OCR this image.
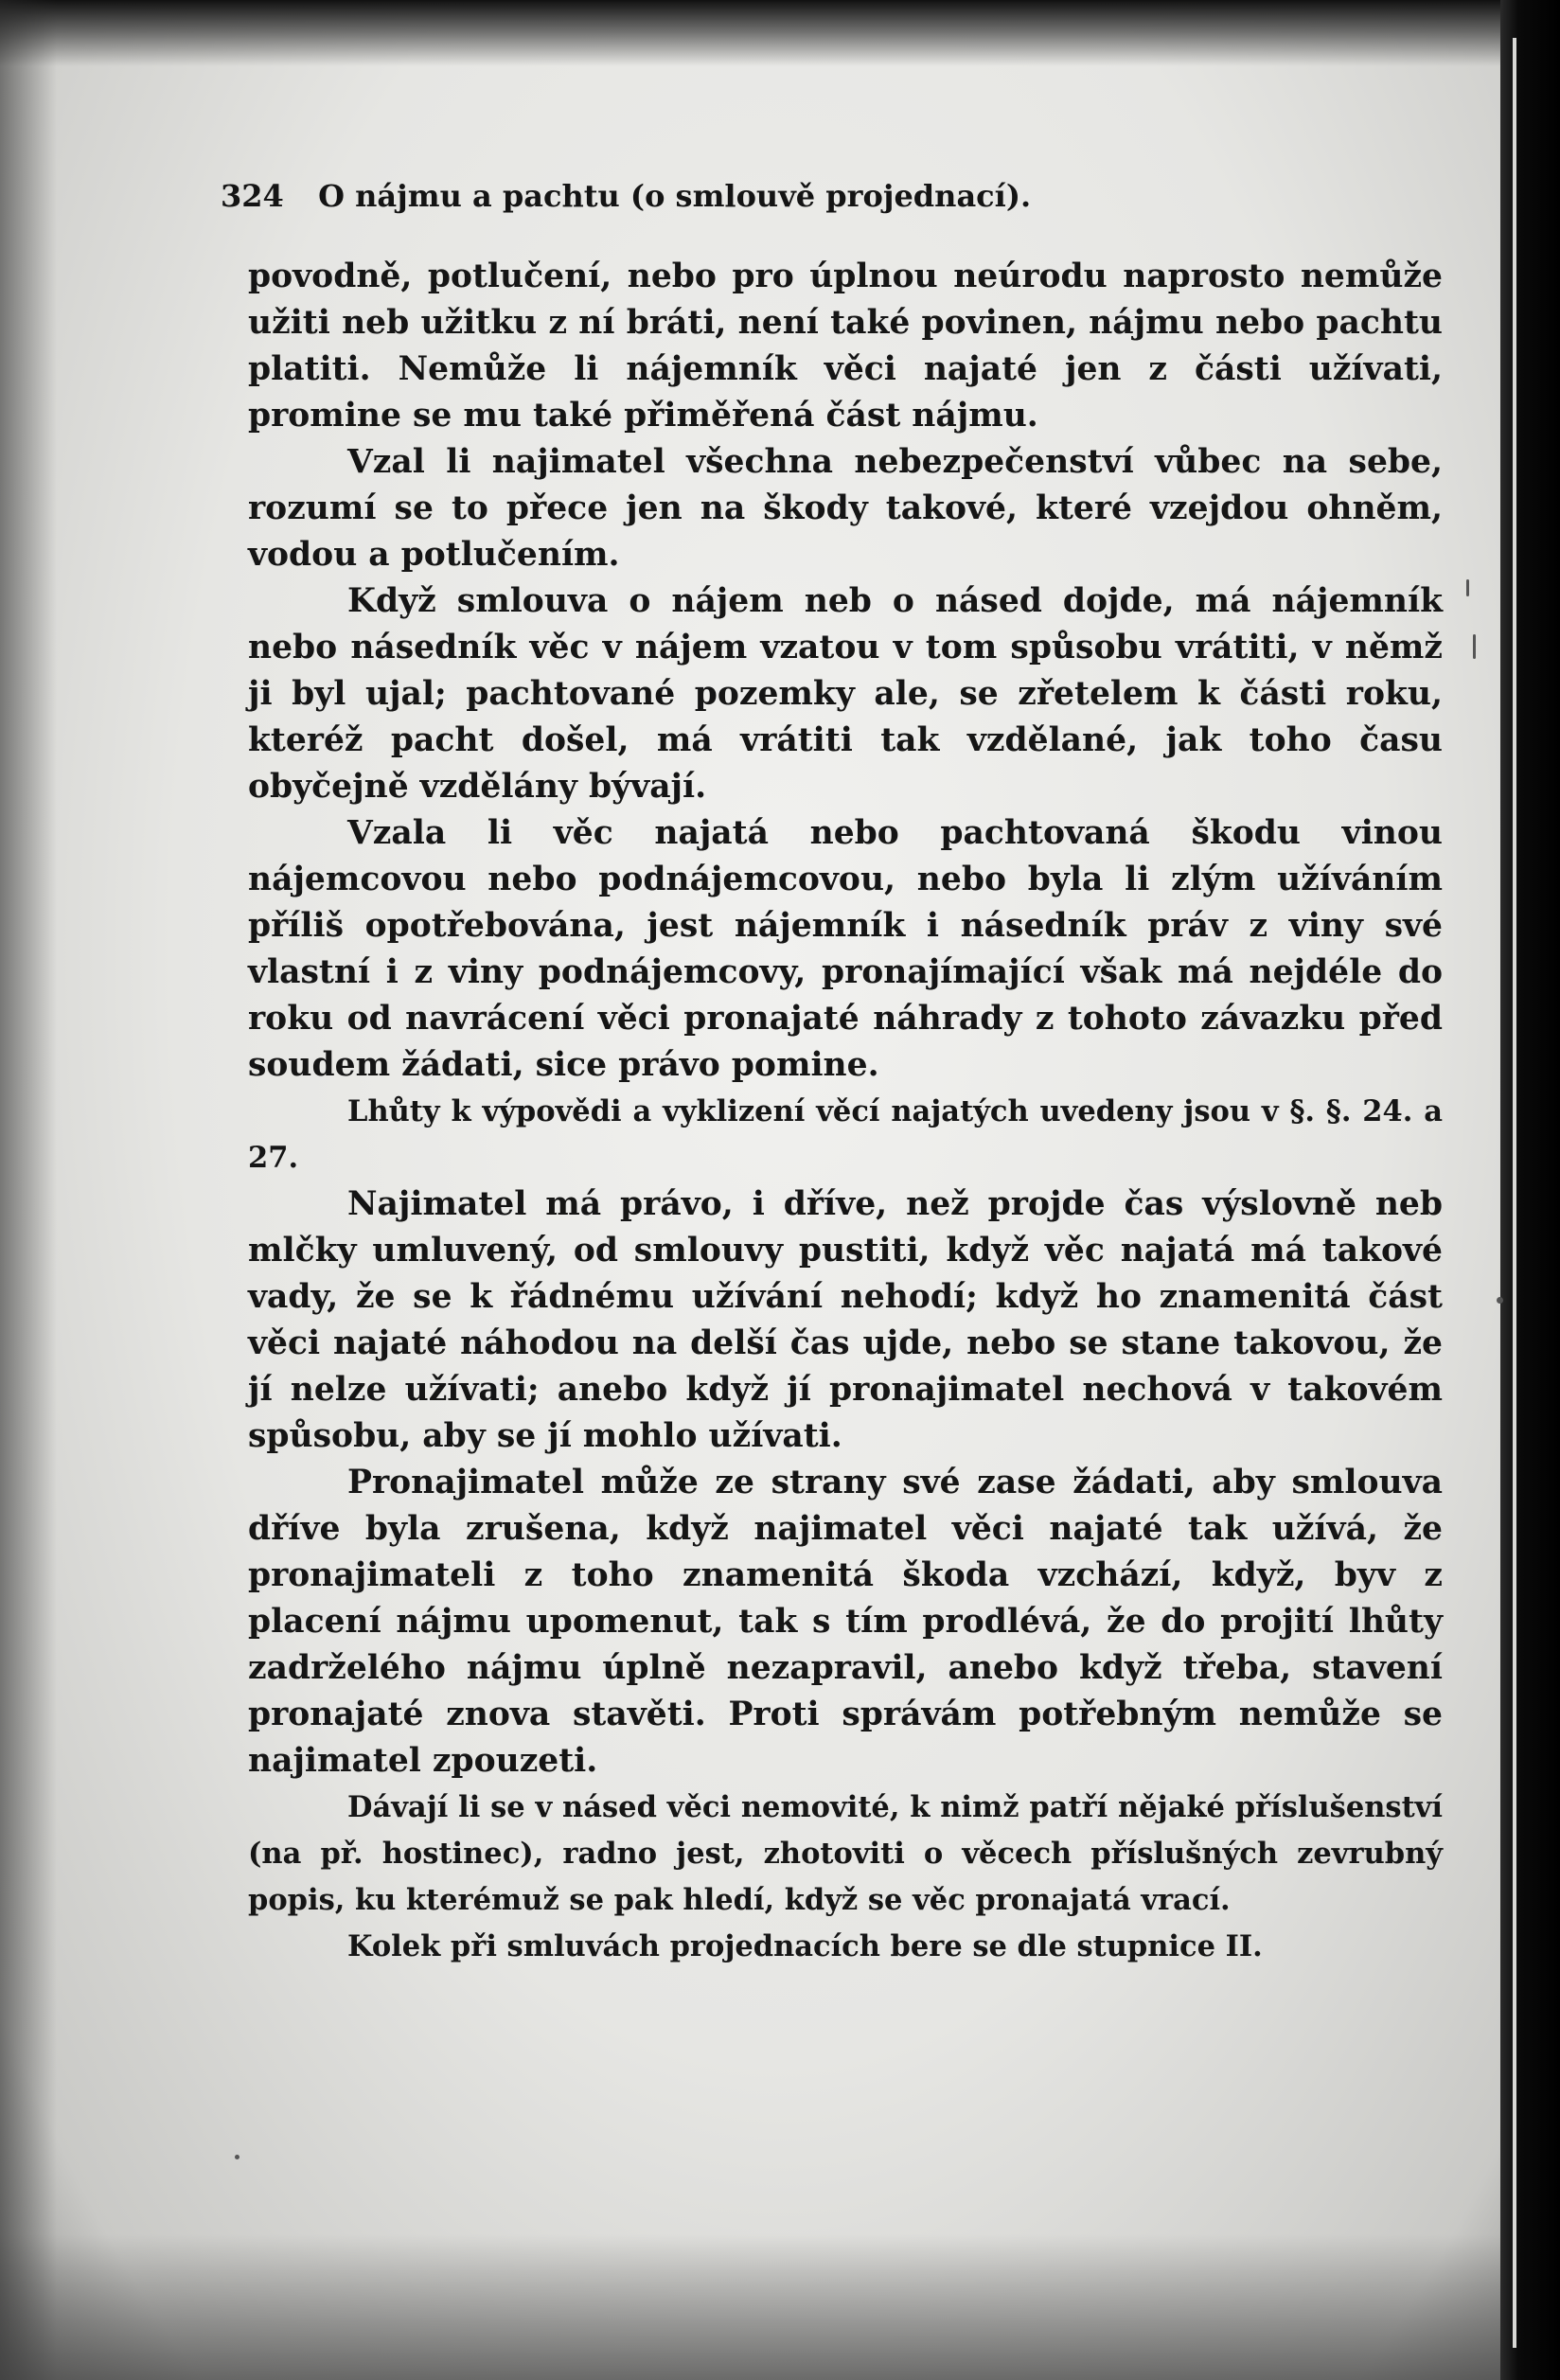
324 O nájmu a pachtu (o smlouvě projednací).

povodně, potlučení, nebo pro úplnou neúrodu naprosto nemůže užiti neb užitku z ní bráti, není také povinen, nájmu nebo pachtu platiti. Nemůže li nájemník věci najaté jen z části užívati, promine se mu také přiměřená část nájmu.

Vzal li najimatel všechna nebezpečenství vůbec na sebe, rozumí se to přece jen na škody takové, které vzejdou ohněm, vodou a potlučením.

Když smlouva o nájem neb o násed dojde, má nájemník nebo násedník věc v nájem vzatou v tom spůsobu vrátiti, v němž ji byl ujal; pachtované pozemky ale, se zřetelem k části roku, kteréž pacht došel, má vrátiti tak vzdělané, jak toho času obyčejně vzdělány bývají.

Vzala li věc najatá nebo pachtovaná škodu vinou nájemcovou nebo podnájemcovou, nebo byla li zlým užíváním příliš opotřebována, jest nájemník i násedník práv z viny své vlastní i z viny podnájemcovy, pronajímající však má nejdéle do roku od navrácení věci pronajaté náhrady z tohoto závazku před soudem žádati, sice právo pomine.

Lhůty k výpovědi a vyklizení věcí najatých uvedeny jsou v §. §. 24. a 27.

Najimatel má právo, i dříve, než projde čas výslovně neb mlčky umluvený, od smlouvy pustiti, když věc najatá má takové vady, že se k řádnému užívání nehodí; když ho znamenitá část věci najaté náhodou na delší čas ujde, nebo se stane takovou, že jí nelze užívati; anebo když jí pronajimatel nechová v takovém spůsobu, aby se jí mohlo užívati.

Pronajimatel může ze strany své zase žádati, aby smlouva dříve byla zrušena, když najimatel věci najaté tak užívá, že pronajimateli z toho znamenitá škoda vzchází, když, byv z placení nájmu upomenut, tak s tím prodlévá, že do projití lhůty zadrželého nájmu úplně nezapravil, anebo když třeba, stavení pronajaté znova stavěti. Proti správám potřebným nemůže se najimatel zpouzeti.

Dávají li se v násed věci nemovité, k nimž patří nějaké příslušenství (na př. hostinec), radno jest, zhotoviti o věcech příslušných zevrubný popis, ku kterémuž se pak hledí, když se věc pronajatá vrací.

Kolek při smluvách projednacích bere se dle stupnice II.
